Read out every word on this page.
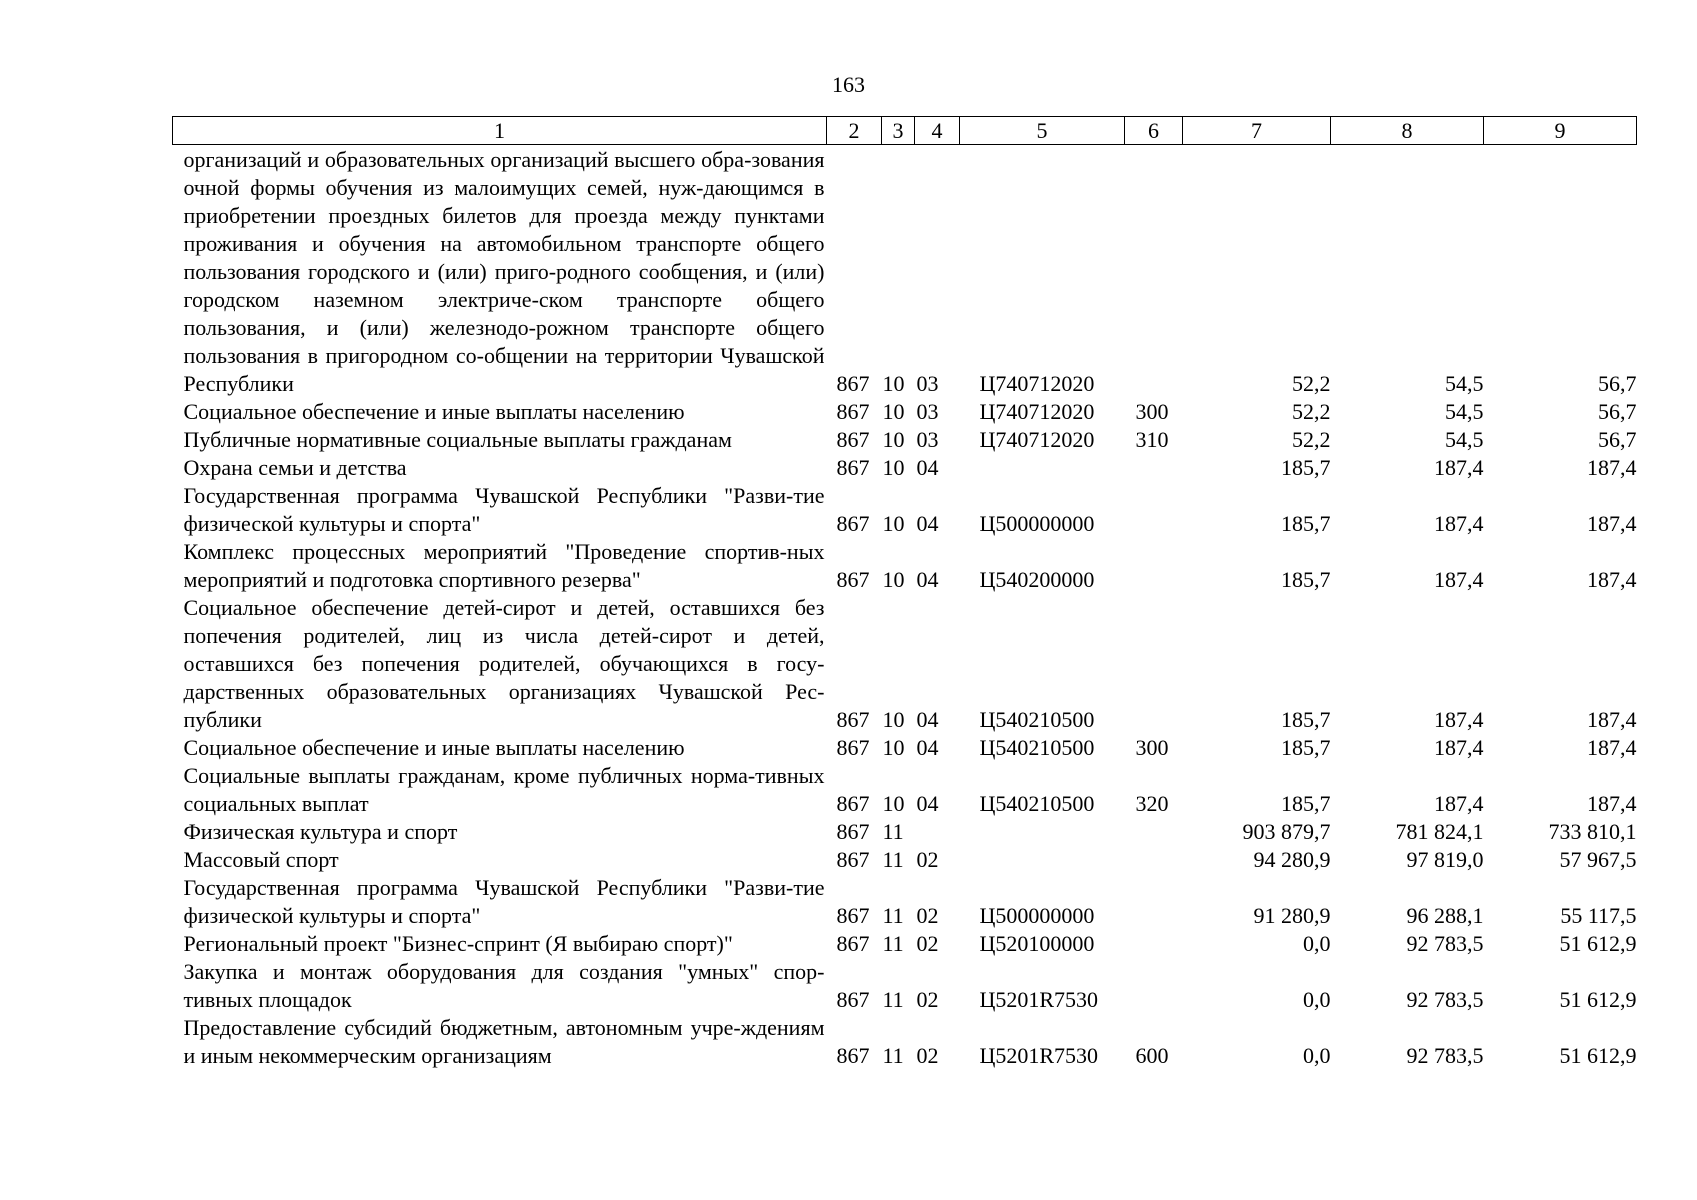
163
1	2	3	4	5	6	7	8	9
организаций и образовательных организаций высшего обра-зования очной формы обучения из малоимущих семей, нуж-дающимся в приобретении проездных билетов для проезда между пунктами проживания и обучения на автомобильном транспорте общего пользования городского и (или) приго-родного сообщения, и (или) городском наземном электриче-ском транспорте общего пользования, и (или) железнодо-рожном транспорте общего пользования в пригородном со-общении на территории Чувашской Республики	867	10	03	Ц740712020		52,2	54,5	56,7
Социальное обеспечение и иные выплаты населению	867	10	03	Ц740712020	300	52,2	54,5	56,7
Публичные нормативные социальные выплаты гражданам	867	10	03	Ц740712020	310	52,2	54,5	56,7
Охрана семьи и детства	867	10	04			185,7	187,4	187,4
Государственная программа Чувашской Республики "Разви-тие физической культуры и спорта"	867	10	04	Ц500000000		185,7	187,4	187,4
Комплекс процессных мероприятий "Проведение спортив-ных мероприятий и подготовка спортивного резерва"	867	10	04	Ц540200000		185,7	187,4	187,4
Социальное обеспечение детей-сирот и детей, оставшихся без попечения родителей, лиц из числа детей-сирот и детей, оставшихся без попечения родителей, обучающихся в госу-дарственных образовательных организациях Чувашской Рес-публики	867	10	04	Ц540210500		185,7	187,4	187,4
Социальное обеспечение и иные выплаты населению	867	10	04	Ц540210500	300	185,7	187,4	187,4
Социальные выплаты гражданам, кроме публичных норма-тивных социальных выплат	867	10	04	Ц540210500	320	185,7	187,4	187,4
Физическая культура и спорт	867	11				903 879,7	781 824,1	733 810,1
Массовый спорт	867	11	02			94 280,9	97 819,0	57 967,5
Государственная программа Чувашской Республики "Разви-тие физической культуры и спорта"	867	11	02	Ц500000000		91 280,9	96 288,1	55 117,5
Региональный проект "Бизнес-спринт (Я выбираю спорт)"	867	11	02	Ц520100000		0,0	92 783,5	51 612,9
Закупка и монтаж оборудования для создания "умных" спор-тивных площадок	867	11	02	Ц5201R7530		0,0	92 783,5	51 612,9
Предоставление субсидий бюджетным, автономным учре-ждениям и иным некоммерческим организациям	867	11	02	Ц5201R7530	600	0,0	92 783,5	51 612,9
